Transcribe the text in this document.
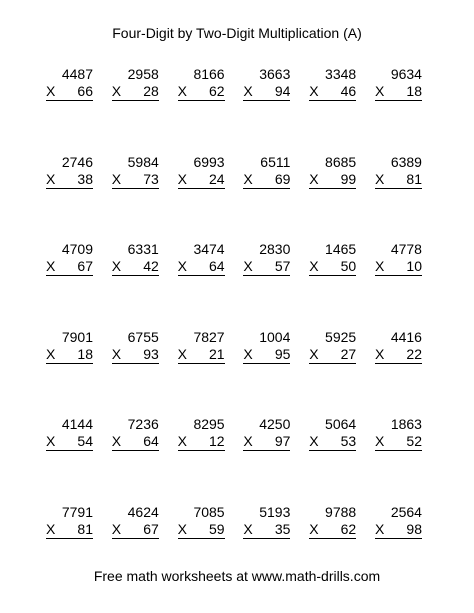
Four-Digit by Two-Digit Multiplication (A)
4487
X 66
2958
X 28
8166
X 62
3663
X 94
3348
X 46
9634
X 18
2746
X 38
5984
X 73
6993
X 24
6511
X 69
8685
X 99
6389
X 81
4709
X 67
6331
X 42
3474
X 64
2830
X 57
1465
X 50
4778
X 10
7901
X 18
6755
X 93
7827
X 21
1004
X 95
5925
X 27
4416
X 22
4144
X 54
7236
X 64
8295
X 12
4250
X 97
5064
X 53
1863
X 52
7791
X 81
4624
X 67
7085
X 59
5193
X 35
9788
X 62
2564
X 98
Free math worksheets at www.math-drills.com
